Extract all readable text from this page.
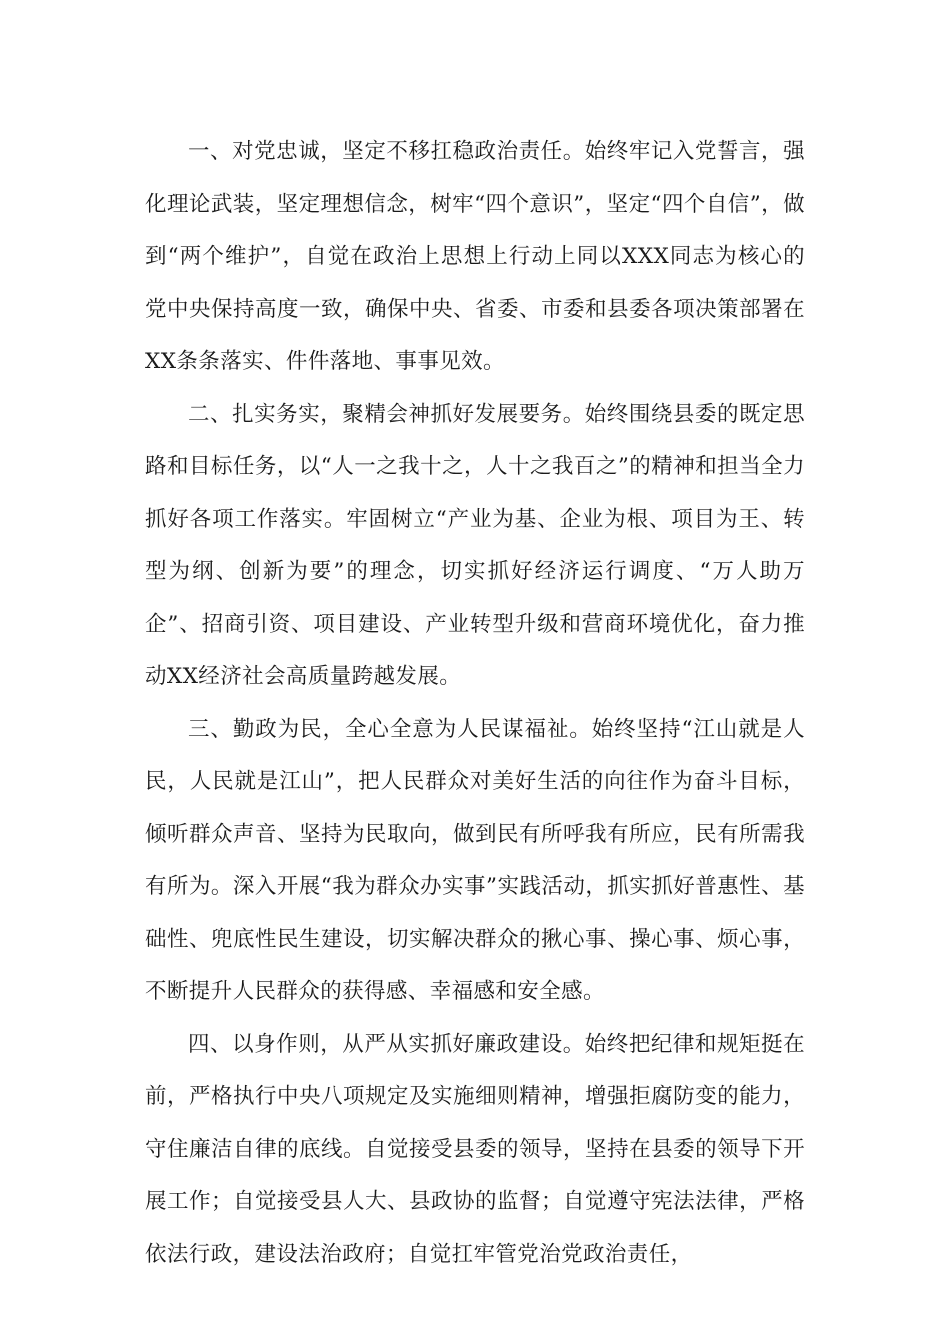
一、对党忠诚，坚定不移扛稳政治责任。始终牢记入党誓言，强化理论武装，坚定理想信念，树牢“四个意识”，坚定“四个自信”，做到“两个维护”，自觉在政治上思想上行动上同以XXX同志为核心的党中央保持高度一致，确保中央、省委、市委和县委各项决策部署在XX条条落实、件件落地、事事见效。

二、扎实务实，聚精会神抓好发展要务。始终围绕县委的既定思路和目标任务，以“人一之我十之，人十之我百之”的精神和担当全力抓好各项工作落实。牢固树立“产业为基、企业为根、项目为王、转型为纲、创新为要”的理念，切实抓好经济运行调度、“万人助万企”、招商引资、项目建设、产业转型升级和营商环境优化，奋力推动XX经济社会高质量跨越发展。

三、勤政为民，全心全意为人民谋福祉。始终坚持“江山就是人民，人民就是江山”，把人民群众对美好生活的向往作为奋斗目标，倾听群众声音、坚持为民取向，做到民有所呼我有所应，民有所需我有所为。深入开展“我为群众办实事”实践活动，抓实抓好普惠性、基础性、兜底性民生建设，切实解决群众的揪心事、操心事、烦心事，不断提升人民群众的获得感、幸福感和安全感。

四、以身作则，从严从实抓好廉政建设。始终把纪律和规矩挺在前，严格执行中央八项规定及实施细则精神，增强拒腐防变的能力，守住廉洁自律的底线。自觉接受县委的领导，坚持在县委的领导下开展工作；自觉接受县人大、县政协的监督；自觉遵守宪法法律，严格依法行政，建设法治政府；自觉扛牢管党治党政治责任，
